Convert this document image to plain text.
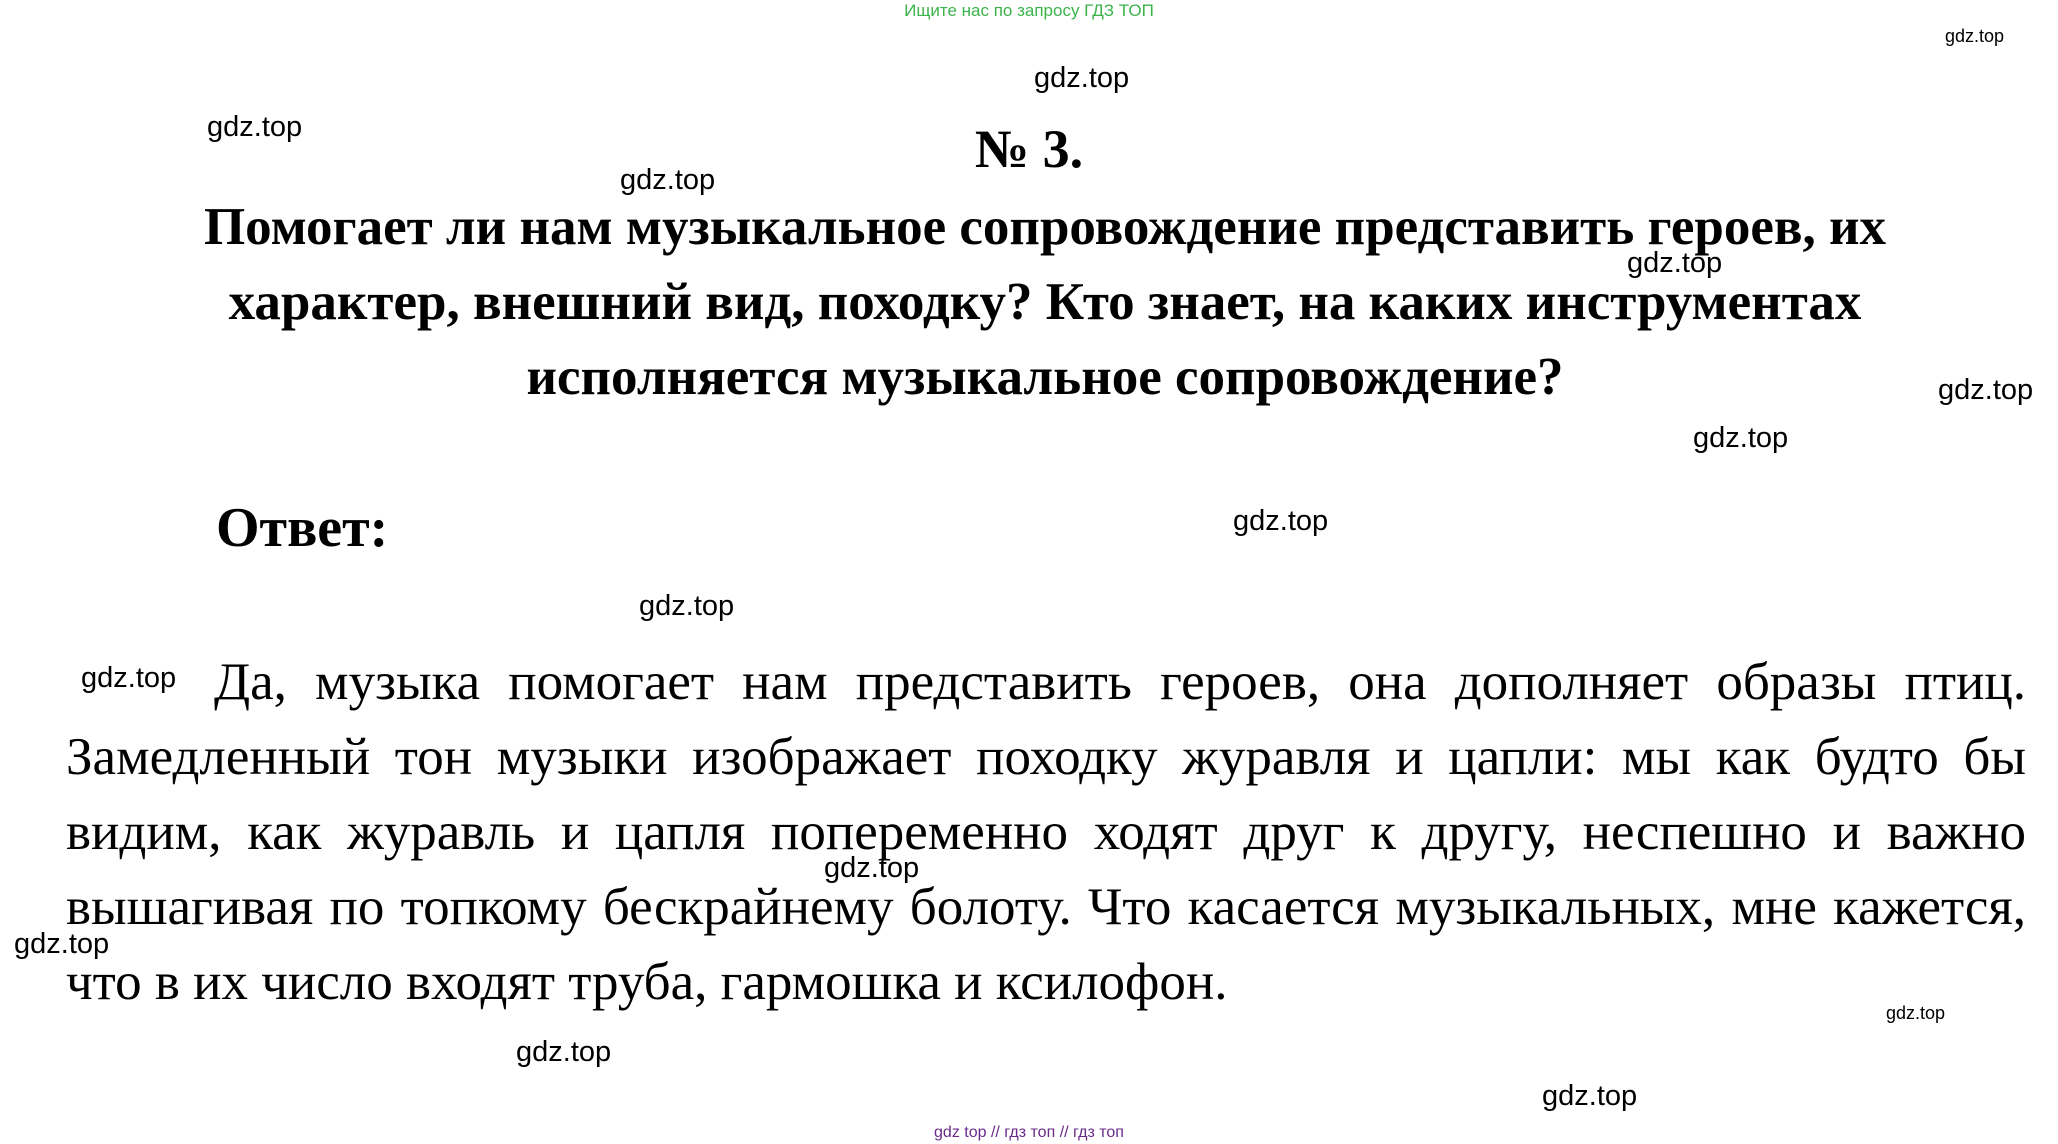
Ищите нас по запросу ГДЗ ТОП
№ 3.
Помогает ли нам музыкальное сопровождение представить героев, их характер, внешний вид, походку? Кто знает, на каких инструментах исполняется музыкальное сопровождение?
Ответ:
Да, музыка помогает нам представить героев, она дополняет образы птиц. Замедленный тон музыки изображает походку журавля и цапли: мы как будто бы видим, как журавль и цапля попеременно ходят друг к другу, неспешно и важно вышагивая по топкому бескрайнему болоту. Что касается музыкальных, мне кажется, что в их число входят труба, гармошка и ксилофон.
gdz.top
gdz.top
gdz.top
gdz.top
gdz.top
gdz.top
gdz.top
gdz.top
gdz.top
gdz.top
gdz.top
gdz.top
gdz.top
gdz.top
gdz.top
gdz top // гдз топ // гдз топ
